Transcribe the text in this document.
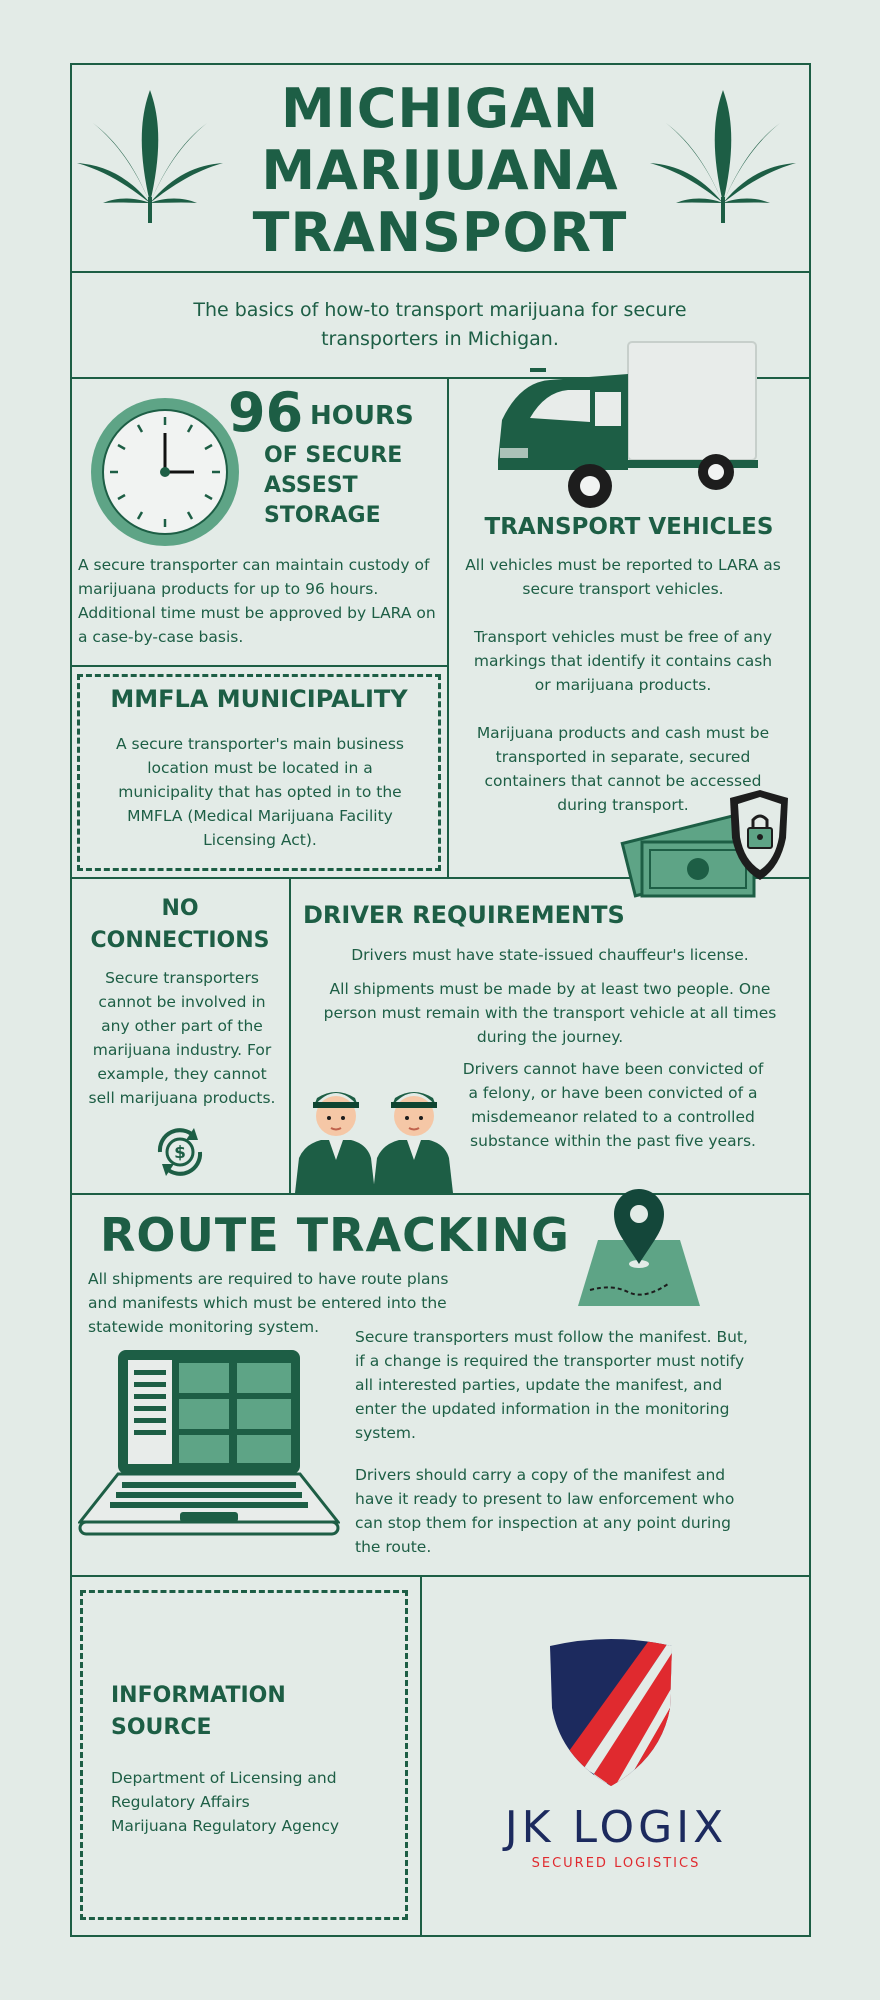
MICHIGAN
MARIJUANA
TRANSPORT
The basics of how-to transport marijuana for secure transporters in Michigan.
96 HOURS
OF SECURE
ASSEST
STORAGE
A secure transporter can maintain custody of marijuana products for up to 96 hours. Additional time must be approved by LARA on a case-by-case basis.
MMFLA MUNICIPALITY
A secure transporter's main business location must be located in a municipality that has opted in to the MMFLA (Medical Marijuana Facility Licensing Act).
TRANSPORT VEHICLES
All vehicles must be reported to LARA as secure transport vehicles.
Transport vehicles must be free of any markings that identify it contains cash or marijuana products.
Marijuana products and cash must be transported in separate, secured containers that cannot be accessed during transport.
NO
CONNECTIONS
Secure transporters cannot be involved in any other part of the marijuana industry. For example, they cannot sell marijuana products.
$
DRIVER REQUIREMENTS
Drivers must have state-issued chauffeur's license.
All shipments must be made by at least two people. One person must remain with the transport vehicle at all times during the journey.
Drivers cannot have been convicted of a felony, or have been convicted of a misdemeanor related to a controlled substance within the past five years.
ROUTE TRACKING
All shipments are required to have route plans and manifests which must be entered into the statewide monitoring system.
Secure transporters must follow the manifest. But, if a change is required the transporter must notify all interested parties, update the manifest, and enter the updated information in the monitoring system.
Drivers should carry a copy of the manifest and have it ready to present to law enforcement who can stop them for inspection at any point during the route.
INFORMATION
SOURCE
Department of Licensing and
Regulatory Affairs
Marijuana Regulatory Agency	JK LOGIX
SECURED LOGISTICS
